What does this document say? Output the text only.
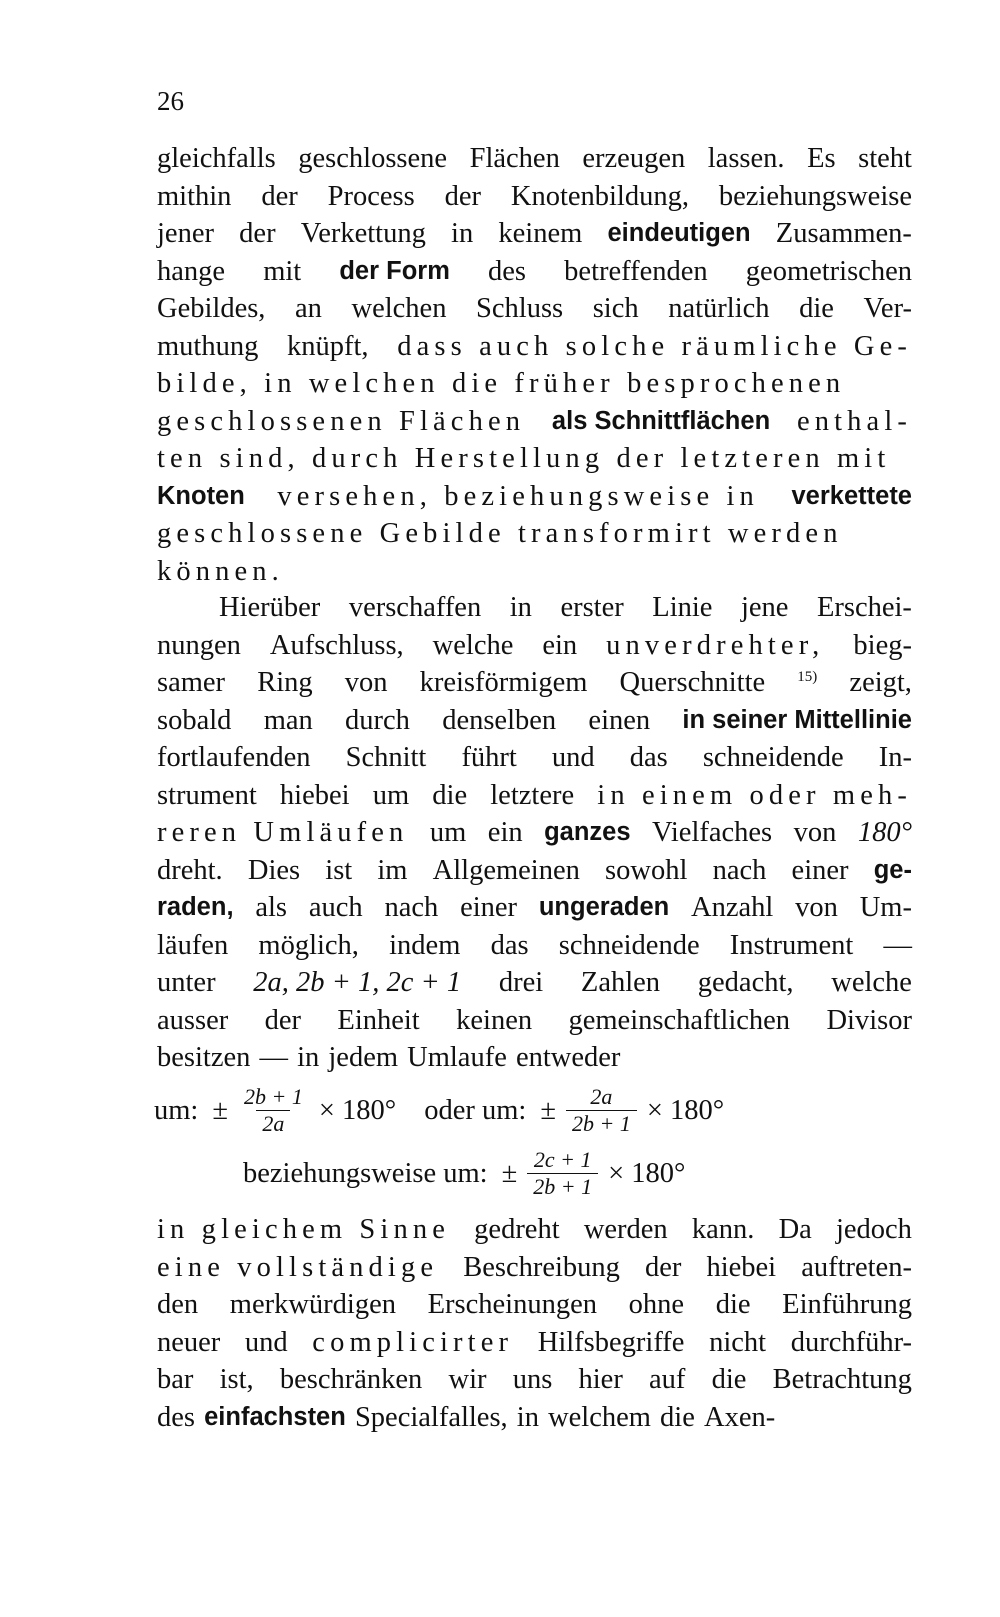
26
gleichfalls geschlossene Flächen erzeugen lassen. Es steht
mithin der Process der Knotenbildung, beziehungsweise
jener der Verkettung in keinem eindeutigen Zusammen-
hange mit der Form des betreffenden geometrischen
Gebildes, an welchen Schluss sich natürlich die Ver-
muthung knüpft, dass auch solche räumliche Ge-
bilde, in welchen die früher besprochenen
geschlossenen Flächen als Schnittflächen enthal-
ten sind, durch Herstellung der letzteren mit
Knoten versehen, beziehungsweise in verkettete
geschlossene Gebilde transformirt werden
können.
Hierüber verschaffen in erster Linie jene Erschei-
nungen Aufschluss, welche ein unverdrehter, bieg-
samer Ring von kreisförmigem Querschnitte $^{15)}$ zeigt,
sobald man durch denselben einen in seiner Mittellinie
fortlaufenden Schnitt führt und das schneidende In-
strument hiebei um die letztere in einem oder meh-
reren Umläufen um ein ganzes Vielfaches von 180°
dreht. Dies ist im Allgemeinen sowohl nach einer ge-
raden, als auch nach einer ungeraden Anzahl von Um-
läufen möglich, indem das schneidende Instrument —
unter 2a, 2b + 1, 2c + 1 drei Zahlen gedacht, welche
ausser der Einheit keinen gemeinschaftlichen Divisor
besitzen — in jedem Umlaufe entweder
um: ± $\frac{2b + 1}{2a} \times 180^\circ$ oder um: ± $\frac{2a}{2b + 1} \times 180^\circ$
beziehungsweise um: ± $\frac{2c + 1}{2b + 1} \times 180^\circ$
in gleichem Sinne gedreht werden kann. Da jedoch
eine vollständige Beschreibung der hiebei auftreten-
den merkwürdigen Erscheinungen ohne die Einführung
neuer und complicirter Hilfsbegriffe nicht durchführ-
bar ist, beschränken wir uns hier auf die Betrachtung
des einfachsten Specialfalles, in welchem die Axen-
